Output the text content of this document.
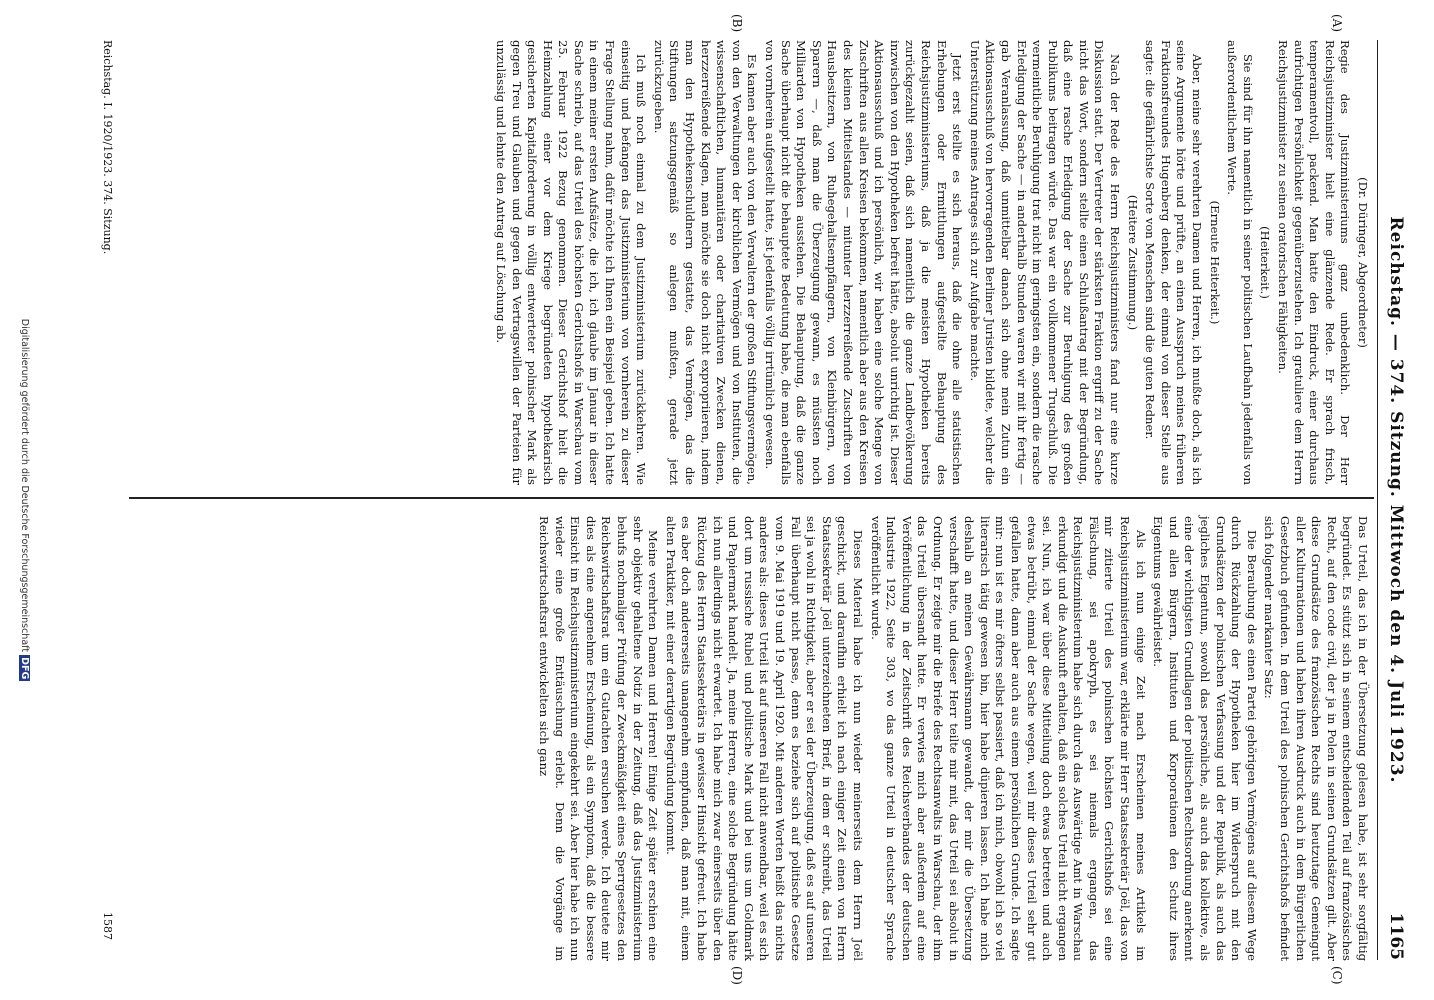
Reichstag. — 374. Sitzung. Mittwoch den 4. Juli 1923.
1165
(A)
(B)
(C)
(D)

(Dr. Düringer, Abgeordneter)

Regie des Justizministeriums ganz unbedenklich. Der Herr Reichsjustizminister hielt eine glänzende Rede. Er sprach frisch, temperamentvoll, packend. Man hatte den Eindruck, einer durchaus aufrichtigen Persönlichkeit gegenüberzustehen. Ich gratuliere dem Herrn Reichsjustizminister zu seinen oratorischen Fähigkeiten.

(Heiterkeit.)

Sie sind für ihn namentlich in seiner politischen Laufbahn jedenfalls von außerordentlichem Werte.

(Erneute Heiterkeit.)

Aber, meine sehr verehrten Damen und Herren, ich mußte doch, als ich seine Argumente hörte und prüfte, an einen Ausspruch meines früheren Fraktionsfreundes Hugenberg denken, der einmal von dieser Stelle aus sagte: die gefährlichste Sorte von Menschen sind die guten Redner.

(Heitere Zustimmung.)

Nach der Rede des Herrn Reichsjustizministers fand nur eine kurze Diskussion statt. Der Vertreter der stärksten Fraktion ergriff zu der Sache nicht das Wort, sondern stellte einen Schlußantrag mit der Begründung, daß eine rasche Erledigung der Sache zur Beruhigung des großen Publikums beitragen würde. Das war ein vollkommener Trugschluß. Die vermeintliche Beruhigung trat nicht im geringsten ein, sondern die rasche Erledigung der Sache — in anderthalb Stunden waren wir mit ihr fertig — gab Veranlassung, daß unmittelbar danach sich ohne mein Zutun ein Aktionsausschuß von hervorragenden Berliner Juristen bildete, welcher die Unterstützung meines Antrages sich zur Aufgabe machte.

Jetzt erst stellte es sich heraus, daß die ohne alle statistischen Erhebungen oder Ermittlungen aufgestellte Behauptung des Reichsjustizministeriums, daß ja die meisten Hypotheken bereits zurückgezahlt seien, daß sich namentlich die ganze Landbevölkerung inzwischen von den Hypotheken befreit hätte, absolut unrichtig ist. Dieser Aktionsausschuß und ich persönlich, wir haben eine solche Menge von Zuschriften aus allen Kreisen bekommen, namentlich aber aus den Kreisen des kleinen Mittelstandes — mitunter herzzerreißende Zuschriften von Hausbesitzern, von Ruhegehaltsempfängern, von Kleinbürgern, von Sparern —, daß man die Überzeugung gewann, es müssten noch Milliarden von Hypotheken ausstehen. Die Behauptung, daß die ganze Sache überhaupt nicht die behauptete Bedeutung habe, die man ebenfalls von vornherein aufgestellt hatte, ist jedenfalls völlig irrtümlich gewesen.

Es kamen aber auch von den Verwaltern der großen Stiftungsvermögen, von den Verwaltungen der kirchlichen Vermögen und von Instituten, die wissenschaftlichen, humanitären oder charitativen Zwecken dienen, herzzerreißende Klagen, man möchte sie doch nicht expropriieren, indem man den Hypothekenschuldnern gestatte, das Vermögen, das die Stiftungen satzungsgemäß so anlegen mußten, gerade jetzt zurückzugeben.

Ich muß noch einmal zu dem Justizministerium zurückkehren. Wie einseitig und befangen das Justizministerium von vornherein zu dieser Frage Stellung nahm, dafür möchte ich Ihnen ein Beispiel geben. Ich hatte in einem meiner ersten Aufsätze, die ich, ich glaube im Januar in dieser Sache schrieb, auf das Urteil des höchsten Gerichtshofs in Warschau vom 25. Februar 1922 Bezug genommen. Dieser Gerichtshof hielt die Heimzahlung einer vor dem Kriege begründeten hypothekarisch gesicherten Kapitalforderung in völlig entwerteter polnischer Mark als gegen Treu und Glauben und gegen den Vertragswillen der Parteien für unzulässig und lehnte den Antrag auf Löschung ab.

Das Urteil, das ich in der Übersetzung gelesen habe, ist sehr sorgfältig begründet. Es stützt sich in seinem entscheidenden Teil auf französisches Recht, auf den code civil, der ja in Polen in seinen Grundsätzen gilt. Aber diese Grundsätze des französischen Rechts sind heutzutage Gemeingut aller Kulturnationen und haben ihren Ausdruck auch in dem Bürgerlichen Gesetzbuch gefunden. In dem Urteil des polnischen Gerichtshofs befindet sich folgender markanter Satz:

Die Beraubung des einen Partei gehörigen Vermögens auf diesem Wege durch Rückzahlung der Hypotheken hier im Widerspruch mit den Grundsätzen der polnischen Verfassung und der Republik, als auch das jegliches Eigentum, sowohl das persönliche, als auch das kollektive, als eine der wichtigsten Grundlagen der politischen Rechtsordnung anerkennt und allen Bürgern, Instituten und Korporationen den Schutz ihres Eigentums gewährleistet.

Als ich nun einige Zeit nach Erscheinen meines Artikels im Reichsjustizministerium war, erklärte mir Herr Staatssekretär Joël, das von mir zitierte Urteil des polnischen höchsten Gerichtshofs sei eine Fälschung, sei apokryph, es sei niemals ergangen, das Reichsjustizministerium habe sich durch das Auswärtige Amt in Warschau erkundigt und die Auskunft erhalten, daß ein solches Urteil nicht ergangen sei. Nun, ich war über diese Mitteilung doch etwas betreten und auch etwas betrübt, einmal der Sache wegen, weil mir dieses Urteil sehr gut gefallen hatte, dann aber auch aus einem persönlichen Grunde. Ich sagte mir: nun ist es mir öfters selbst passiert, daß ich mich, obwohl ich so viel literarisch tätig gewesen bin, hier habe düpieren lassen. Ich habe mich deshalb an meinen Gewährsmann gewandt, der mir die Übersetzung verschafft hatte, und dieser Herr teilte mir mit, das Urteil sei absolut in Ordnung. Er zeigte mir die Briefe des Rechtsanwalts in Warschau, der ihm das Urteil übersandt hatte. Er verwies mich aber außerdem auf eine Veröffentlichung in der Zeitschrift des Reichsverbandes der deutschen Industrie 1922, Seite 303, wo das ganze Urteil in deutscher Sprache veröffentlicht wurde.

Dieses Material habe ich nun wieder meinerseits dem Herrn Joël geschickt, und daraufhin erhielt ich nach einiger Zeit einen von Herrn Staatssekretär Joël unterzeichneten Brief, in dem er schreibt, das Urteil sei ja wohl in Richtigkeit, aber er sei der Überzeugung, daß es auf unseren Fall überhaupt nicht passe, denn es beziehe sich auf politische Gesetze vom 9. Mai 1919 und 19. April 1920. Mit anderen Worten heißt das nichts anderes als: dieses Urteil ist auf unseren Fall nicht anwendbar, weil es sich dort um russische Rubel und politische Mark und bei uns um Goldmark und Papiermark handelt. Ja, meine Herren, eine solche Begründung hätte ich nun allerdings nicht erwartet. Ich habe mich zwar einerseits über den Rückzug des Herrn Staatssekretärs in gewisser Hinsicht gefreut. Ich habe es aber doch andererseits unangenehm empfunden, daß man mit, einem alten Praktiker, mit einer derartigen Begründung kommt.

Meine verehrten Damen und Herren! Einige Zeit später erschien eine sehr objektiv gehaltene Notiz in der Zeitung, daß das Justizministerium behufs nochmaliger Prüfung der Zweckmäßigkeit eines Sperrgesetzes den Reichswirtschaftsrat um ein Gutachten ersuchen werde. Ich deutete mir dies als eine angenehme Erscheinung, als ein Symptom, daß die bessere Einsicht im Reichsjustizministerium eingekehrt sei. Aber hier habe ich nun wieder eine große Enttäuschung erlebt. Denn die Vorgänge im Reichswirtschaftsrat entwickelten sich ganz

Reichstag. I. 1920/1923. 374. Sitzung.
1587
Digitalisierung gefördert durch die Deutsche ForschungsgemeinschaftDFG
